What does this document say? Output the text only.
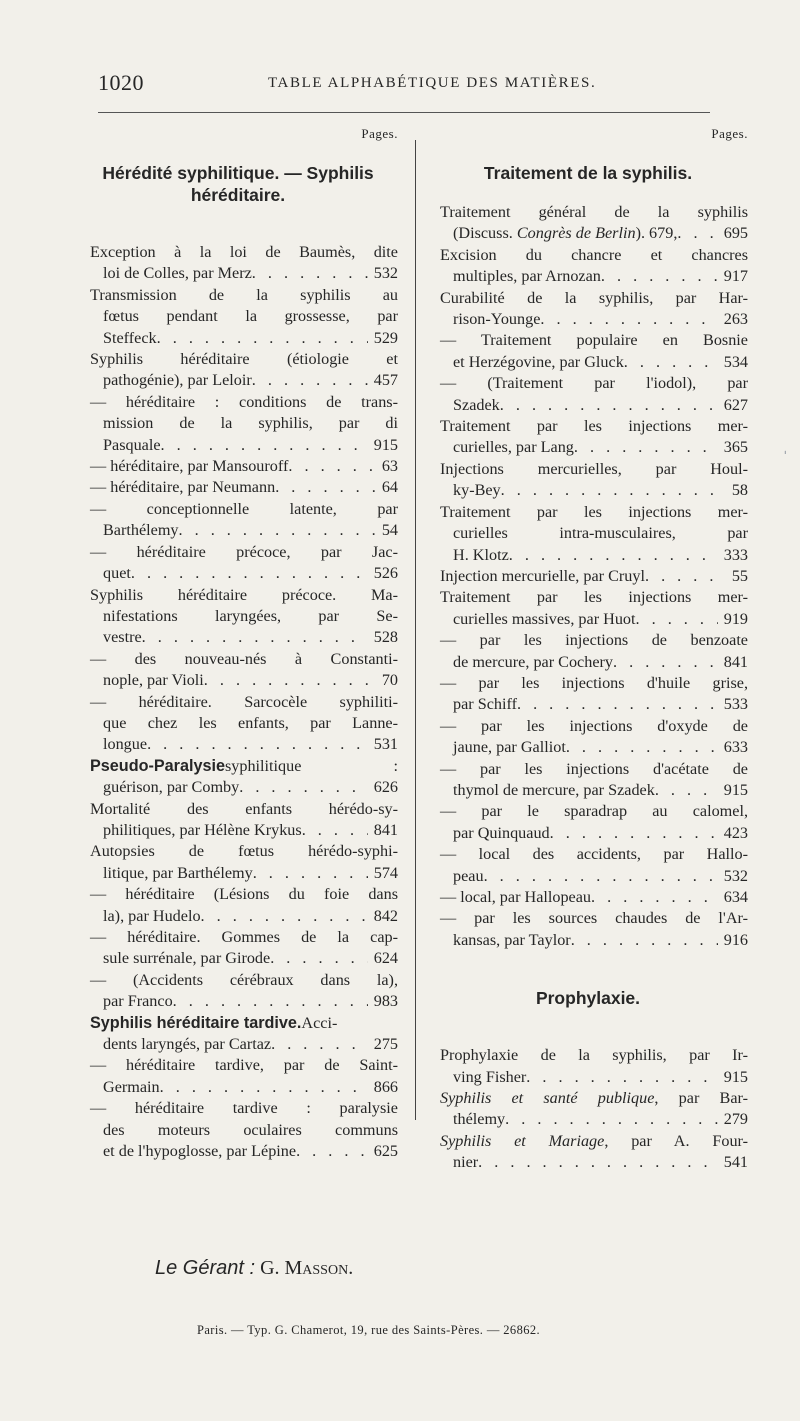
1020	TABLE ALPHABÉTIQUE DES MATIÈRES.
Pages.
Hérédité syphilitique. — Syphilis héréditaire.
Exception à la loi de Baumès, dite
loi de Colles, par Merz . . .	532
Transmission de la syphilis au
fœtus pendant la grossesse, par
Steffeck . . .	529
Syphilis héréditaire (étiologie et
pathogénie), par Leloir . . .	457
— héréditaire : conditions de trans-
mission de la syphilis, par di
Pasquale . . .	915
— héréditaire, par Mansouroff . . .	63
— héréditaire, par Neumann . . .	64
— conceptionnelle latente, par
Barthélemy . . .	54
— héréditaire précoce, par Jac-
quet . . .	526
Syphilis héréditaire précoce. Ma-
nifestations laryngées, par Se-
vestre . . .	528
— des nouveau-nés à Constanti-
nople, par Violi . . .	70
— héréditaire. Sarcocèle syphiliti-
que chez les enfants, par Lanne-
longue . . .	531
Pseudo-Paralysie syphilitique :
guérison, par Comby . . .	626
Mortalité des enfants hérédo-sy-
philitiques, par Hélène Krykus . . .	841
Autopsies de fœtus hérédo-syphi-
litique, par Barthélemy . . .	574
— héréditaire (Lésions du foie dans
la), par Hudelo . . .	842
— héréditaire. Gommes de la cap-
sule surrénale, par Girode . . .	624
— (Accidents cérébraux dans la),
par Franco . . .	983
Syphilis héréditaire tardive. Acci-
dents laryngés, par Cartaz . . .	275
— héréditaire tardive, par de Saint-
Germain . . .	866
— héréditaire tardive : paralysie
des moteurs oculaires communs
et de l'hypoglosse, par Lépine . . .	625
Pages.
Traitement de la syphilis.
Traitement général de la syphilis
(Discuss. Congrès de Berlin). 679, . . .	695
Excision du chancre et chancres
multiples, par Arnozan . . .	917
Curabilité de la syphilis, par Har-
rison-Younge . . .	263
— Traitement populaire en Bosnie
et Herzégovine, par Gluck . . .	534
— (Traitement par l'iodol), par
Szadek . . .	627
Traitement par les injections mer-
curielles, par Lang . . .	365
Injections mercurielles, par Houl-
ky-Bey . . .	58
Traitement par les injections mer-
curielles intra-musculaires, par
H. Klotz . . .	333
Injection mercurielle, par Cruyl . . .	55
Traitement par les injections mer-
curielles massives, par Huot . . .	919
— par les injections de benzoate
de mercure, par Cochery . . .	841
— par les injections d'huile grise,
par Schiff . . .	533
— par les injections d'oxyde de
jaune, par Galliot . . .	633
— par les injections d'acétate de
thymol de mercure, par Szadek . . .	915
— par le sparadrap au calomel,
par Quinquaud . . .	423
— local des accidents, par Hallo-
peau . . .	532
— local, par Hallopeau . . .	634
— par les sources chaudes de l'Ar-
kansas, par Taylor . . .	916
Prophylaxie.
Prophylaxie de la syphilis, par Ir-
ving Fisher . . .	915
Syphilis et santé publique, par Bar-
thélemy . . .	279
Syphilis et Mariage, par A. Four-
nier . . .	541
Le Gérant : G. Masson.
Paris. — Typ. G. Chamerot, 19, rue des Saints-Pères. — 26862.
ˈ
